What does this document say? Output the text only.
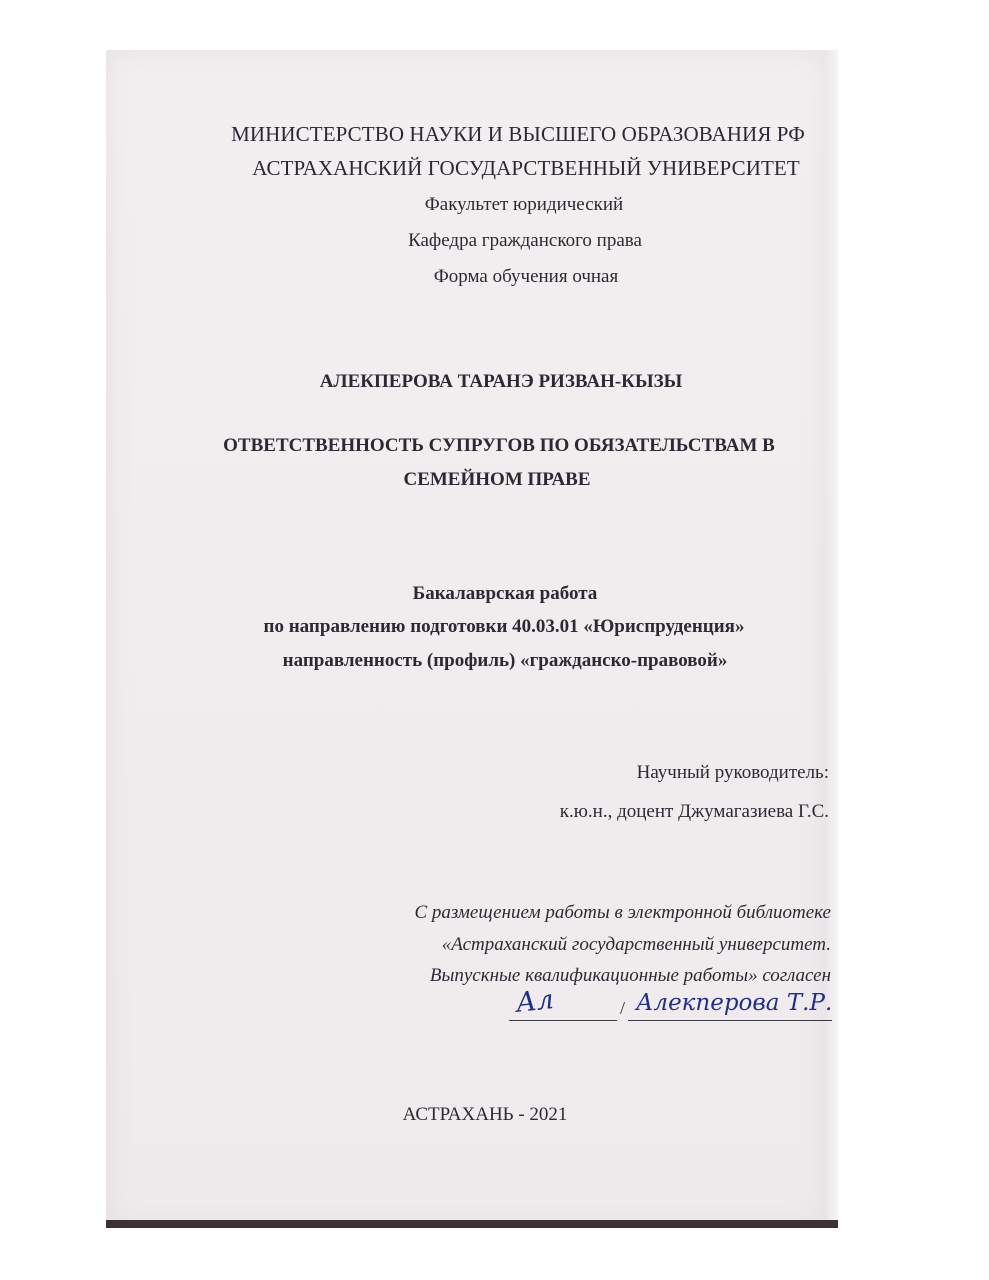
МИНИСТЕРСТВО НАУКИ И ВЫСШЕГО ОБРАЗОВАНИЯ РФ
АСТРАХАНСКИЙ ГОСУДАРСТВЕННЫЙ УНИВЕРСИТЕТ
Факультет юридический
Кафедра гражданского права
Форма обучения очная
АЛЕКПЕРОВА ТАРАНЭ РИЗВАН-КЫЗЫ
ОТВЕТСТВЕННОСТЬ СУПРУГОВ ПО ОБЯЗАТЕЛЬСТВАМ В
СЕМЕЙНОМ ПРАВЕ
Бакалаврская работа
по направлению подготовки 40.03.01 «Юриспруденция»
направленность (профиль) «гражданско-правовой»
Научный руководитель:
к.ю.н., доцент Джумагазиева Г.С.
С размещением работы в электронной библиотеке
«Астраханский государственный университет.
Выпускные квалификационные работы» согласен
Ал	/ Алекперова Т.Р.
АСТРАХАНЬ - 2021
